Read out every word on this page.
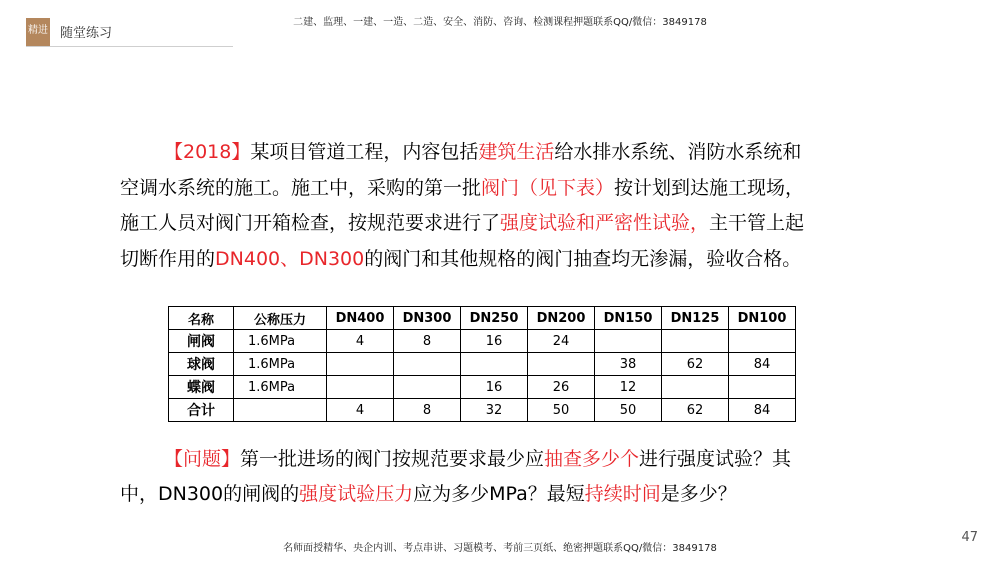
精进 随堂练习
二建、监理、一建、一造、二造、安全、消防、咨询、检测课程押题联系QQ/微信：3849178
【2018】某项目管道工程，内容包括建筑生活给水排水系统、消防水系统和空调水系统的施工。施工中，采购的第一批阀门（见下表）按计划到达施工现场，施工人员对阀门开箱检查，按规范要求进行了强度试验和严密性试验，主干管上起切断作用的DN400、DN300的阀门和其他规格的阀门抽查均无渗漏，验收合格。
名称	公称压力	DN400	DN300	DN250	DN200	DN150	DN125	DN100
闸阀	1.6MPa	4	8	16	24			
球阀	1.6MPa					38	62	84
蝶阀	1.6MPa			16	26	12		
合计		4	8	32	50	50	62	84
【问题】第一批进场的阀门按规范要求最少应抽查多少个进行强度试验？其中，DN300的闸阀的强度试验压力应为多少MPa？最短持续时间是多少？
47
名师面授精华、央企内训、考点串讲、习题模考、考前三页纸、绝密押题联系QQ/微信：3849178
